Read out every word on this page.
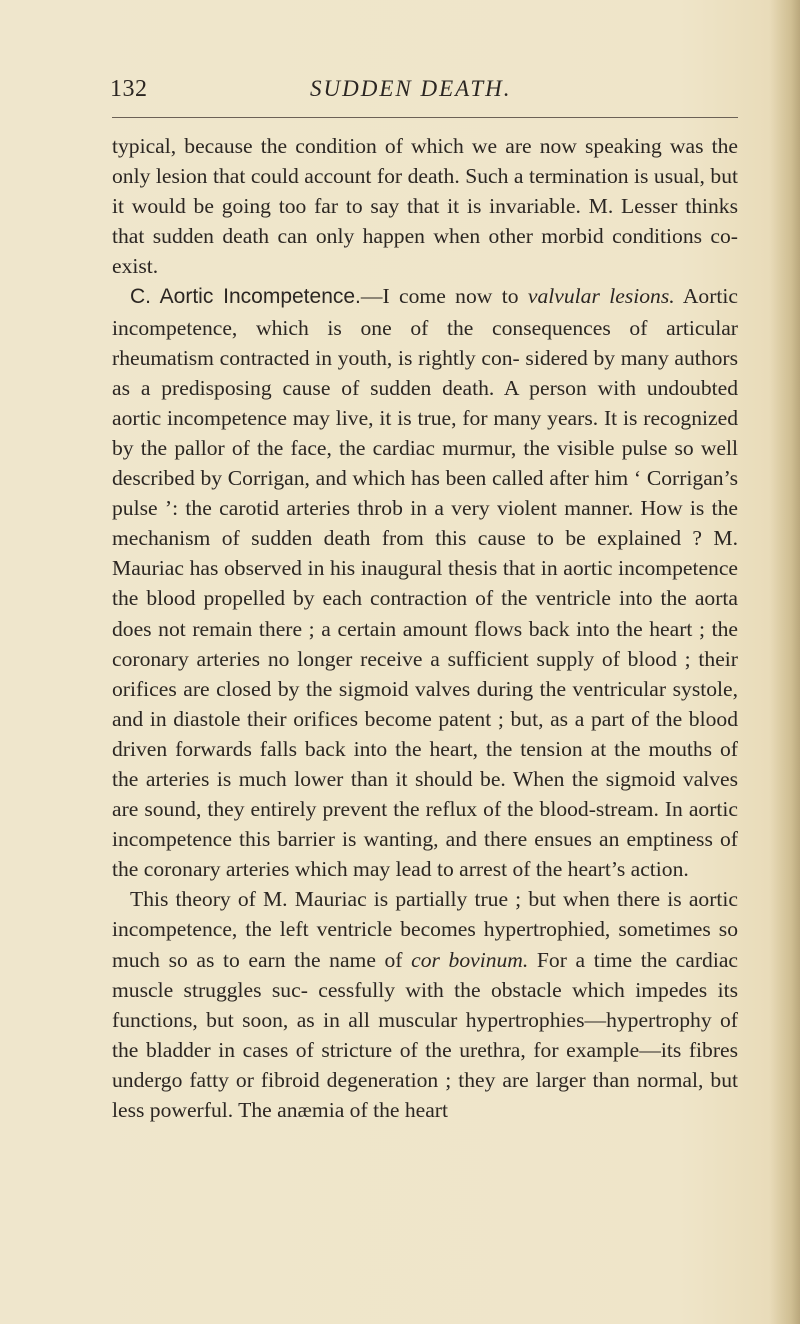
132	SUDDEN DEATH.

typical, because the condition of which we are now speaking was the only lesion that could account for death. Such a termination is usual, but it would be going too far to say that it is invariable. M. Lesser thinks that sudden death can only happen when other morbid conditions co-exist.

C. Aortic Incompetence.—I come now to valvular lesions. Aortic incompetence, which is one of the consequences of articular rheumatism contracted in youth, is rightly con- sidered by many authors as a predisposing cause of sudden death. A person with undoubted aortic incompetence may live, it is true, for many years. It is recognized by the pallor of the face, the cardiac murmur, the visible pulse so well described by Corrigan, and which has been called after him ‘ Corrigan’s pulse ’: the carotid arteries throb in a very violent manner. How is the mechanism of sudden death from this cause to be explained ? M. Mauriac has observed in his inaugural thesis that in aortic incompetence the blood propelled by each contraction of the ventricle into the aorta does not remain there ; a certain amount flows back into the heart ; the coronary arteries no longer receive a sufficient supply of blood ; their orifices are closed by the sigmoid valves during the ventricular systole, and in diastole their orifices become patent ; but, as a part of the blood driven forwards falls back into the heart, the tension at the mouths of the arteries is much lower than it should be. When the sigmoid valves are sound, they entirely prevent the reflux of the blood-stream. In aortic incompetence this barrier is wanting, and there ensues an emptiness of the coronary arteries which may lead to arrest of the heart’s action.

This theory of M. Mauriac is partially true ; but when there is aortic incompetence, the left ventricle becomes hypertrophied, sometimes so much so as to earn the name of cor bovinum. For a time the cardiac muscle struggles suc- cessfully with the obstacle which impedes its functions, but soon, as in all muscular hypertrophies—hypertrophy of the bladder in cases of stricture of the urethra, for example—its fibres undergo fatty or fibroid degeneration ; they are larger than normal, but less powerful. The anæmia of the heart
